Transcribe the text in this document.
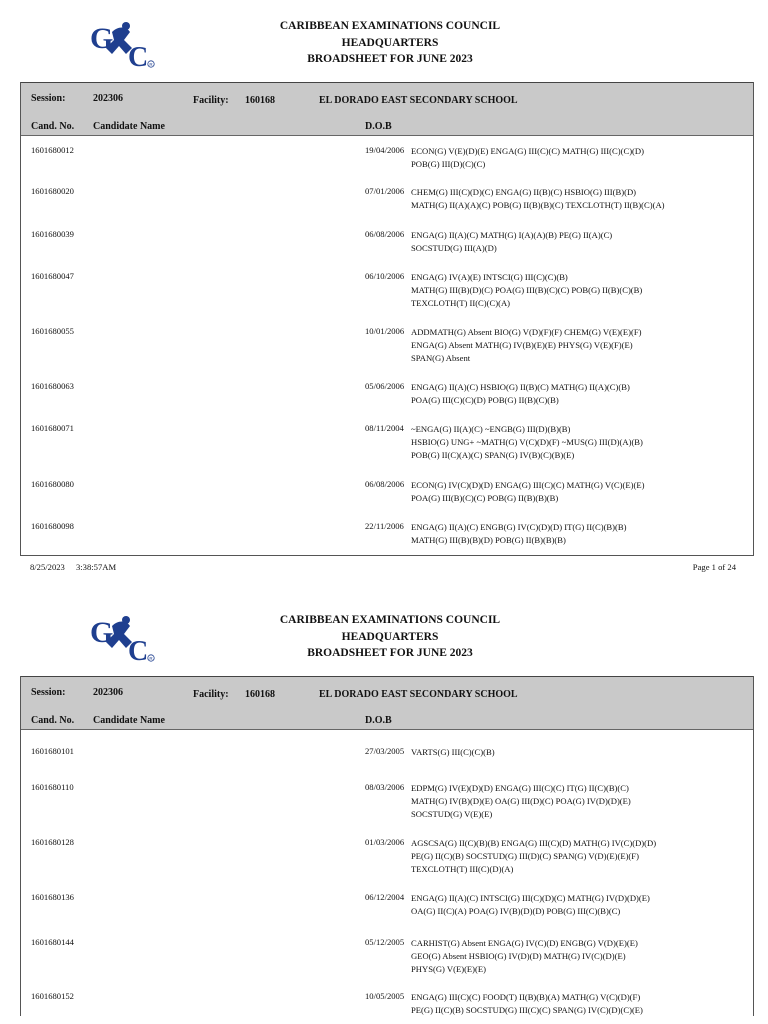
G
C R
CARIBBEAN EXAMINATIONS COUNCIL
HEADQUARTERS
BROADSHEET FOR JUNE 2023
Session:	202306	Facility: 160168	EL DORADO EAST SECONDARY SCHOOL
Cand. No. Candidate Name	D.O.B
1601680012	19/04/2006 ECON(G) V(E)(D)(E) ENGA(G) III(C)(C) MATH(G) III(C)(C)(D)
POB(G) III(D)(C)(C)
1601680020	07/01/2006 CHEM(G) III(C)(D)(C) ENGA(G) II(B)(C) HSBIO(G) III(B)(D)
MATH(G) II(A)(A)(C) POB(G) II(B)(B)(C) TEXCLOTH(T) II(B)(C)(A)
1601680039	06/08/2006 ENGA(G) II(A)(C) MATH(G) I(A)(A)(B) PE(G) II(A)(C)
SOCSTUD(G) III(A)(D)
1601680047	06/10/2006 ENGA(G) IV(A)(E) INTSCI(G) III(C)(C)(B)
MATH(G) III(B)(D)(C) POA(G) III(B)(C)(C) POB(G) II(B)(C)(B)
TEXCLOTH(T) II(C)(C)(A)
1601680055	10/01/2006 ADDMATH(G) Absent BIO(G) V(D)(F)(F) CHEM(G) V(E)(E)(F)
ENGA(G) Absent MATH(G) IV(B)(E)(E) PHYS(G) V(E)(F)(E)
SPAN(G) Absent
1601680063	05/06/2006 ENGA(G) II(A)(C) HSBIO(G) II(B)(C) MATH(G) II(A)(C)(B)
POA(G) III(C)(C)(D) POB(G) II(B)(C)(B)
1601680071	08/11/2004 ~ENGA(G) II(A)(C) ~ENGB(G) III(D)(B)(B)
HSBIO(G) UNG+ ~MATH(G) V(C)(D)(F) ~MUS(G) III(D)(A)(B)
POB(G) II(C)(A)(C) SPAN(G) IV(B)(C)(B)(E)
1601680080	06/08/2006 ECON(G) IV(C)(D)(D) ENGA(G) III(C)(C) MATH(G) V(C)(E)(E)
POA(G) III(B)(C)(C) POB(G) II(B)(B)(B)
1601680098	22/11/2006 ENGA(G) II(A)(C) ENGB(G) IV(C)(D)(D) IT(G) II(C)(B)(B)
MATH(G) III(B)(B)(D) POB(G) II(B)(B)(B)
8/25/2023 3:38:57AM	Page 1 of 24
G
C R
CARIBBEAN EXAMINATIONS COUNCIL
HEADQUARTERS
BROADSHEET FOR JUNE 2023
Session:	202306	Facility: 160168	EL DORADO EAST SECONDARY SCHOOL
Cand. No. Candidate Name	D.O.B
1601680101	27/03/2005 VARTS(G) III(C)(C)(B)
1601680110	08/03/2006 EDPM(G) IV(E)(D)(D) ENGA(G) III(C)(C) IT(G) II(C)(B)(C)
MATH(G) IV(B)(D)(E) OA(G) III(D)(C) POA(G) IV(D)(D)(E)
SOCSTUD(G) V(E)(E)
1601680128	01/03/2006 AGSCSA(G) II(C)(B)(B) ENGA(G) III(C)(D) MATH(G) IV(C)(D)(D)
PE(G) II(C)(B) SOCSTUD(G) III(D)(C) SPAN(G) V(D)(E)(E)(F)
TEXCLOTH(T) III(C)(D)(A)
1601680136	06/12/2004 ENGA(G) II(A)(C) INTSCI(G) III(C)(D)(C) MATH(G) IV(D)(D)(E)
OA(G) II(C)(A) POA(G) IV(B)(D)(D) POB(G) III(C)(B)(C)
1601680144	05/12/2005 CARHIST(G) Absent ENGA(G) IV(C)(D) ENGB(G) V(D)(E)(E)
GEO(G) Absent HSBIO(G) IV(D)(D) MATH(G) IV(C)(D)(E)
PHYS(G) V(E)(E)(E)
1601680152	10/05/2005 ENGA(G) III(C)(C) FOOD(T) II(B)(B)(A) MATH(G) V(C)(D)(F)
PE(G) II(C)(B) SOCSTUD(G) III(C)(C) SPAN(G) IV(C)(D)(C)(E)
